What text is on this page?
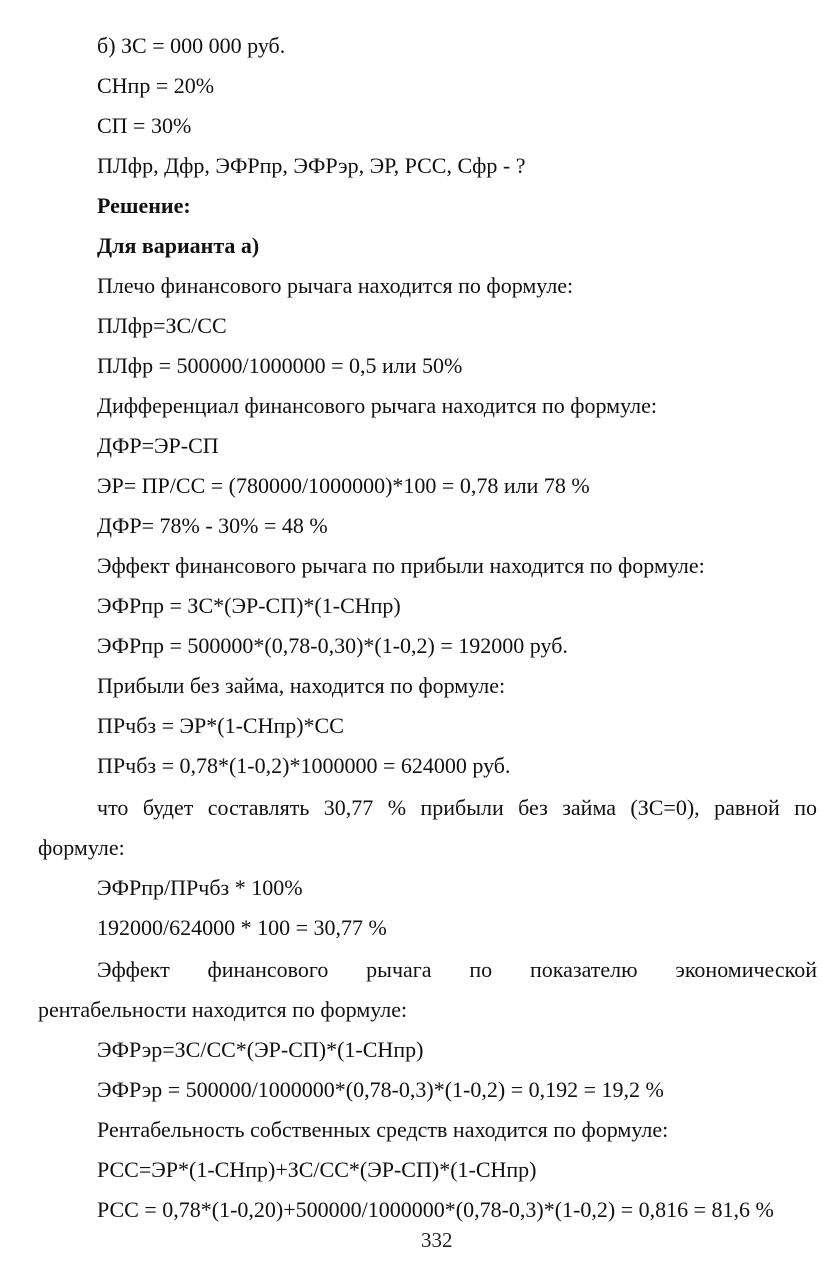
б) ЗС = 000 000 руб.
СНпр = 20%
СП = 30%
ПЛфр, Дфр, ЭФРпр, ЭФРэр, ЭР, РСС, Сфр - ?
Решение:
Для варианта а)
Плечо финансового рычага находится по формуле:
ПЛфр=ЗС/СС
ПЛфр = 500000/1000000 = 0,5 или 50%
Дифференциал финансового рычага находится по формуле:
ДФР=ЭР-СП
ЭР= ПР/СС = (780000/1000000)*100 = 0,78 или 78 %
ДФР= 78% - 30% = 48 %
Эффект финансового рычага по прибыли находится по формуле:
ЭФРпр = ЗС*(ЭР-СП)*(1-СНпр)
ЭФРпр = 500000*(0,78-0,30)*(1-0,2) = 192000 руб.
Прибыли без займа, находится по формуле:
ПРчбз = ЭР*(1-СНпр)*СС
ПРчбз = 0,78*(1-0,2)*1000000 = 624000 руб.
что будет составлять 30,77 % прибыли без займа (ЗС=0), равной по
формуле:
ЭФРпр/ПРчбз * 100%
192000/624000 * 100 = 30,77 %
Эффект финансового рычага по показателю экономической
рентабельности находится по формуле:
ЭФРэр=ЗС/СС*(ЭР-СП)*(1-СНпр)
ЭФРэр = 500000/1000000*(0,78-0,3)*(1-0,2) = 0,192 = 19,2 %
Рентабельность собственных средств находится по формуле:
РСС=ЭР*(1-СНпр)+ЗС/СС*(ЭР-СП)*(1-СНпр)
РСС = 0,78*(1-0,20)+500000/1000000*(0,78-0,3)*(1-0,2) = 0,816 = 81,6 %
332
